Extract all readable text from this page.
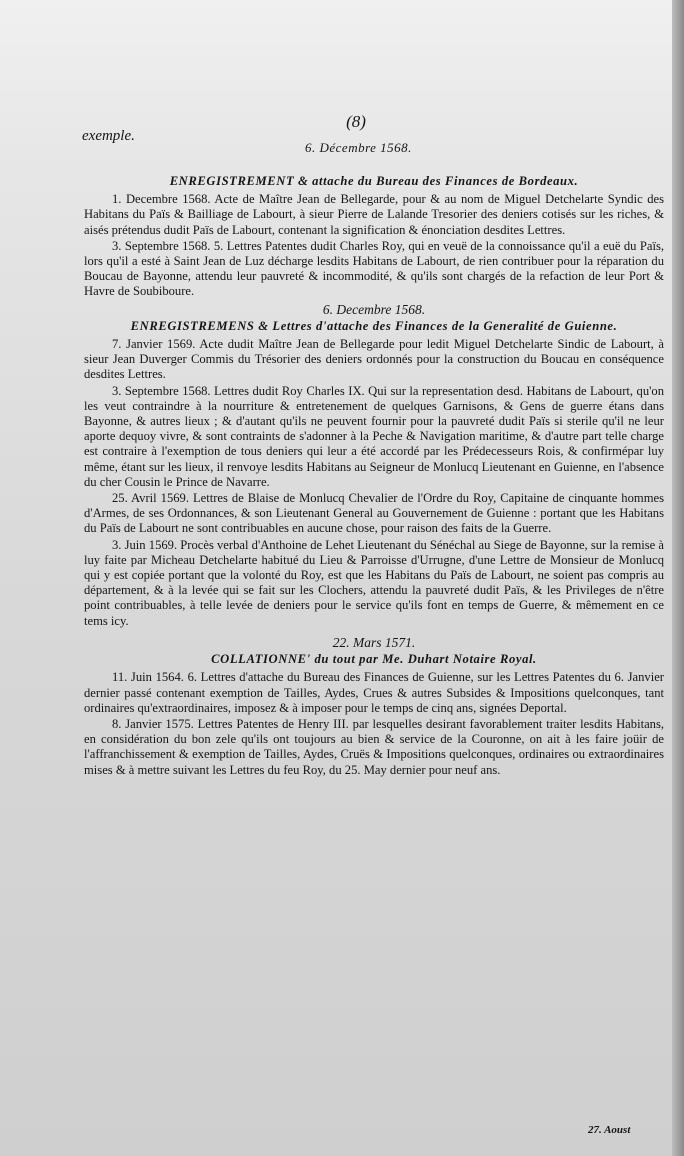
(8)
exemple.
6. Décembre 1568.
ENREGISTREMENT & attache du Bureau des Finances de Bordeaux.

1. Decembre 1568. Acte de Maître Jean de Bellegarde, pour & au nom de Miguel Detchelarte Syndic des Habitans du Païs & Bailliage de Labourt, à sieur Pierre de Lalande Tresorier des deniers cotisés sur les riches, & aisés prétendus dudit Païs de Labourt, contenant la signification & énonciation desdites Lettres.

3. Septembre 1568. 5. Lettres Patentes dudit Charles Roy, qui en veuë de la connoissance qu'il a euë du Païs, lors qu'il a esté à Saint Jean de Luz décharge lesdits Habitans de Labourt, de rien contribuer pour la réparation du Boucau de Bayonne, attendu leur pauvreté & incommodité, & qu'ils sont chargés de la refaction de leur Port & Havre de Soubiboure.

6. Decembre 1568.
ENREGISTREMENS & Lettres d'attache des Finances de la Generalité de Guienne.

7. Janvier 1569. Acte dudit Maître Jean de Bellegarde pour ledit Miguel Detchelarte Sindic de Labourt, à sieur Jean Duverger Commis du Trésorier des deniers ordonnés pour la construction du Boucau en conséquence desdites Lettres.

3. Septembre 1568. Lettres dudit Roy Charles IX. Qui sur la representation desd. Habitans de Labourt, qu'on les veut contraindre à la nourriture & entretenement de quelques Garnisons, & Gens de guerre étans dans Bayonne, & autres lieux ; & d'autant qu'ils ne peuvent fournir pour la pauvreté dudit Païs si sterile qu'il ne leur aporte dequoy vivre, & sont contraints de s'adonner à la Peche & Navigation maritime, & d'autre part telle charge est contraire à l'exemption de tous deniers qui leur a été accordé par les Prédecesseurs Rois, & confirmépar luy même, étant sur les lieux, il renvoye lesdits Habitans au Seigneur de Monlucq Lieutenant en Guienne, en l'absence du cher Cousin le Prince de Navarre.

25. Avril 1569. Lettres de Blaise de Monlucq Chevalier de l'Ordre du Roy, Capitaine de cinquante hommes d'Armes, de ses Ordonnances, & son Lieutenant General au Gouvernement de Guienne : portant que les Habitans du Païs de Labourt ne sont contribuables en aucune chose, pour raison des faits de la Guerre.

3. Juin 1569. Procès verbal d'Anthoine de Lehet Lieutenant du Sénéchal au Siege de Bayonne, sur la remise à luy faite par Micheau Detchelarte habitué du Lieu & Parroisse d'Urrugne, d'une Lettre de Monsieur de Monlucq qui y est copiée portant que la volonté du Roy, est que les Habitans du Païs de Labourt, ne soient pas compris au département, & à la levée qui se fait sur les Clochers, attendu la pauvreté dudit Païs, & les Privileges de n'être point contribuables, à telle levée de deniers pour le service qu'ils font en temps de Guerre, & mêmement en ce tems icy.

22. Mars 1571.
COLLATIONNE' du tout par Me. Duhart Notaire Royal.

11. Juin 1564. 6. Lettres d'attache du Bureau des Finances de Guienne, sur les Lettres Patentes du 6. Janvier dernier passé contenant exemption de Tailles, Aydes, Crues & autres Subsides & Impositions quelconques, tant ordinaires qu'extraordinaires, imposez & à imposer pour le temps de cinq ans, signées Deportal.

8. Janvier 1575. Lettres Patentes de Henry III. par lesquelles desirant favorablement traiter lesdits Habitans, en considération du bon zele qu'ils ont toujours au bien & service de la Couronne, on ait à les faire joüir de l'affranchissement & exemption de Tailles, Aydes, Cruës & Impositions quelconques, ordinaires ou extraordinaires mises & à mettre suivant les Lettres du feu Roy, du 25. May dernier pour neuf ans.

27. Aoust
